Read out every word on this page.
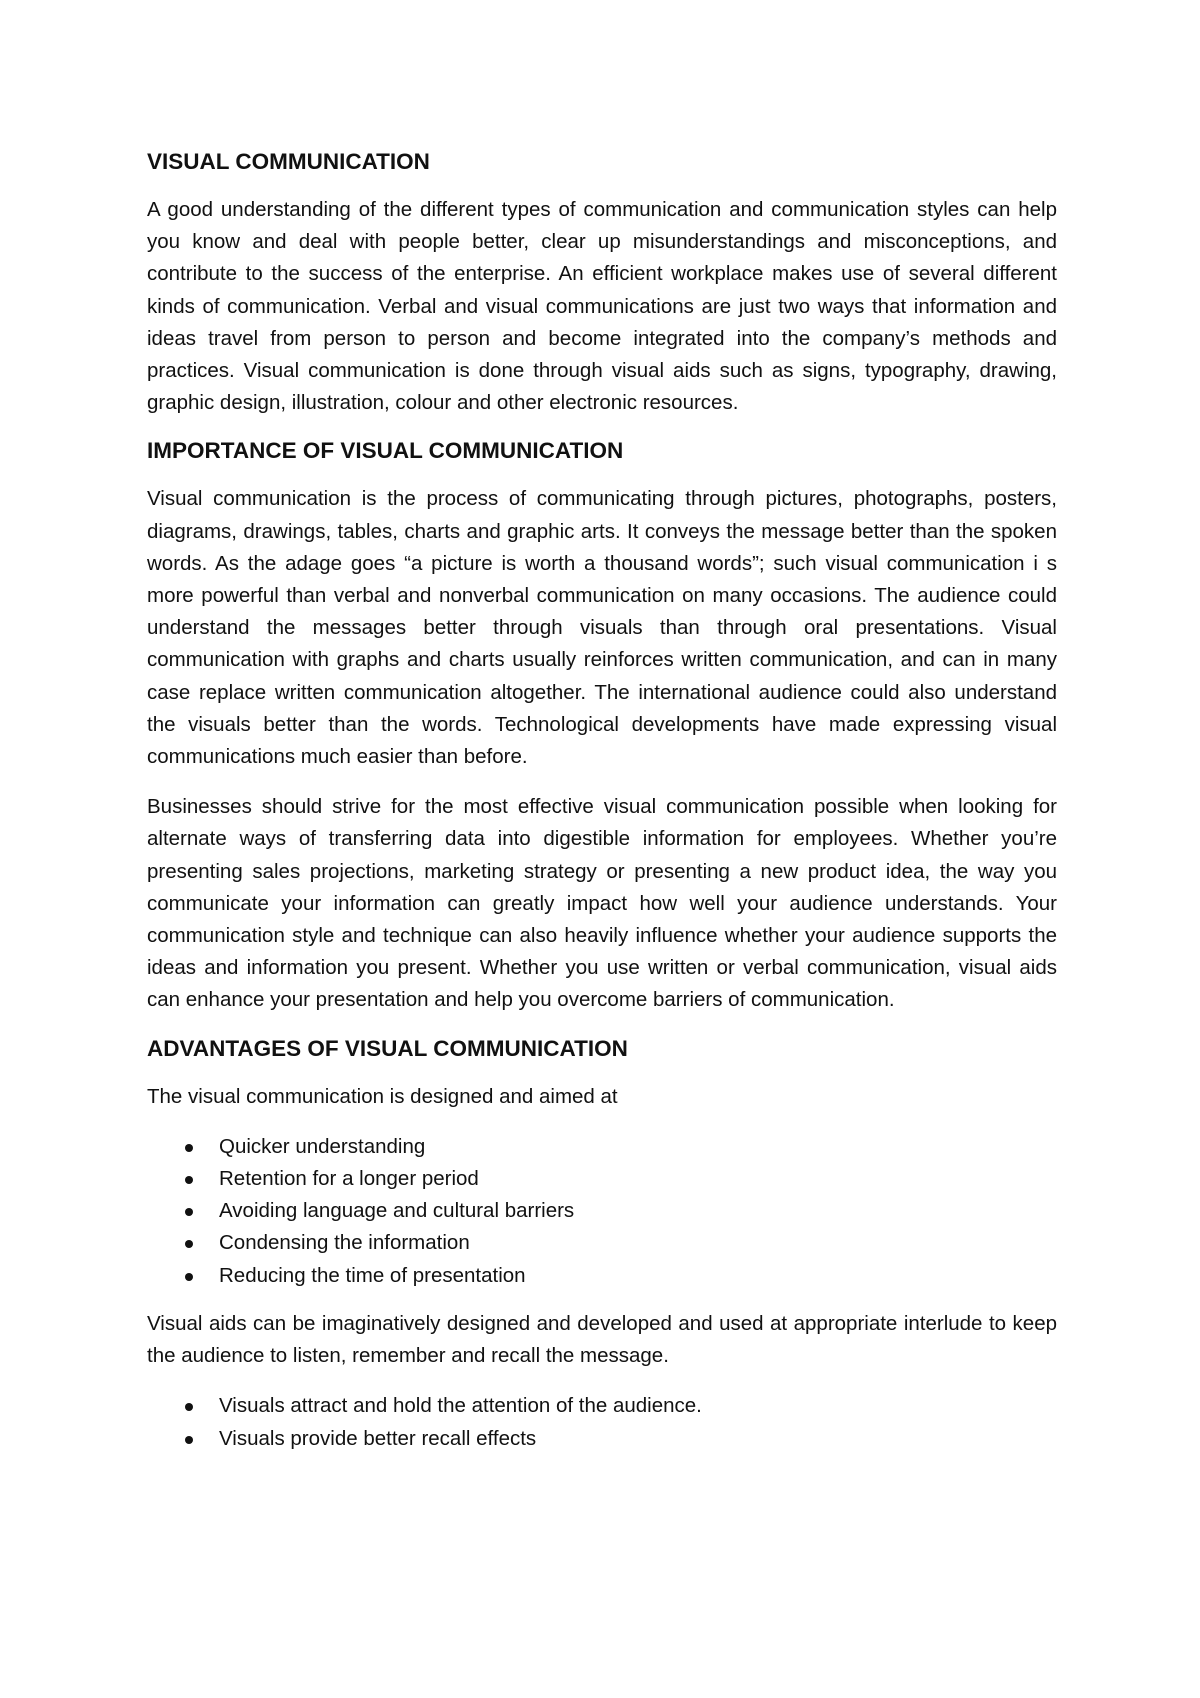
VISUAL COMMUNICATION

A good understanding of the different types of communication and communication styles can help you know and deal with people better, clear up misunderstandings and misconceptions, and contribute to the success of the enterprise. An efficient workplace makes use of several different kinds of communication. Verbal and visual communications are just two ways that information and ideas travel from person to person and become integrated into the company’s methods and practices. Visual communication is done through visual aids such as signs, typography, drawing, graphic design, illustration, colour and other electronic resources.

IMPORTANCE OF VISUAL COMMUNICATION

Visual communication is the process of communicating through pictures, photographs, posters, diagrams, drawings, tables, charts and graphic arts. It conveys the message better than the spoken words. As the adage goes “a picture is worth a thousand words”; such visual communication i s more powerful than verbal and nonverbal communication on many occasions. The audience could understand the messages better through visuals than through oral presentations. Visual communication with graphs and charts usually reinforces written communication, and can in many case replace written communication altogether. The international audience could also understand the visuals better than the words. Technological developments have made expressing visual communications much easier than before.

Businesses should strive for the most effective visual communication possible when looking for alternate ways of transferring data into digestible information for employees. Whether you’re presenting sales projections, marketing strategy or presenting a new product idea, the way you communicate your information can greatly impact how well your audience understands. Your communication style and technique can also heavily influence whether your audience supports the ideas and information you present. Whether you use written or verbal communication, visual aids can enhance your presentation and help you overcome barriers of communication.

ADVANTAGES OF VISUAL COMMUNICATION

The visual communication is designed and aimed at

Quicker understanding
Retention for a longer period
Avoiding language and cultural barriers
Condensing the information
Reducing the time of presentation

Visual aids can be imaginatively designed and developed and used at appropriate interlude to keep the audience to listen, remember and recall the message.

Visuals attract and hold the attention of the audience.
Visuals provide better recall effects
